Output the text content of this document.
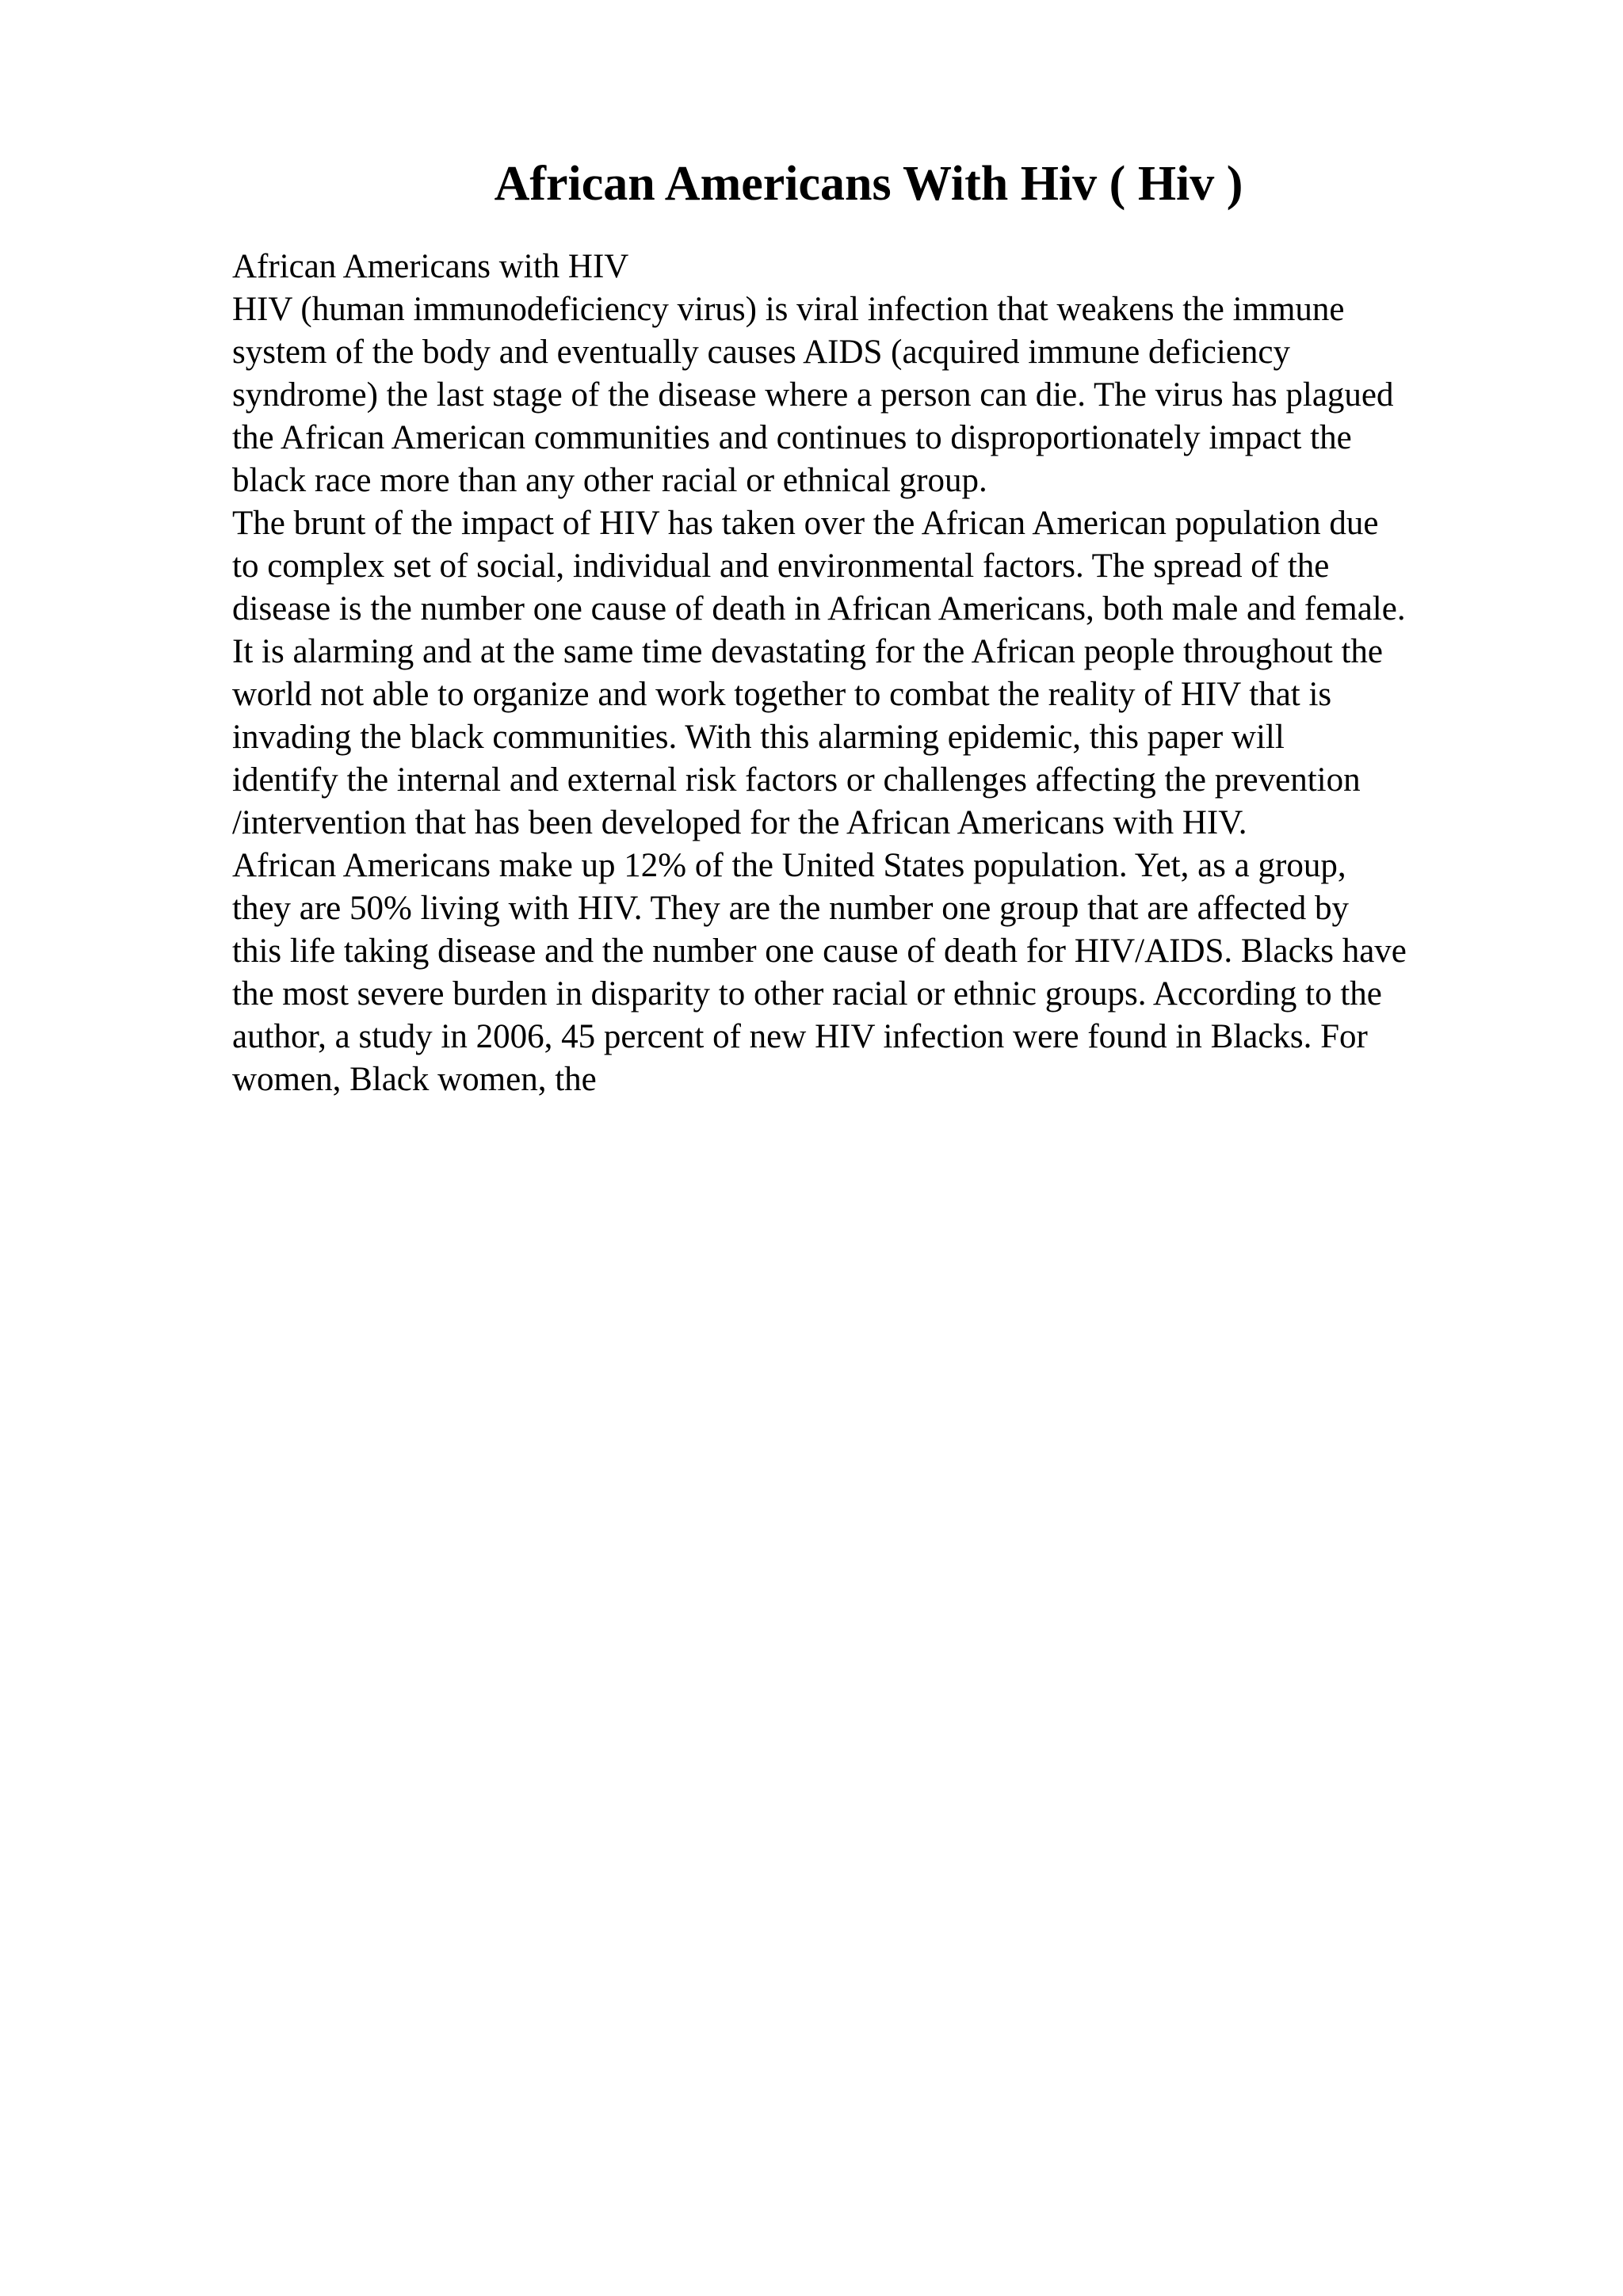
African Americans With Hiv ( Hiv )
African Americans with HIV
HIV (human immunodeficiency virus) is viral infection that weakens the immune
system of the body and eventually causes AIDS (acquired immune deficiency
syndrome) the last stage of the disease where a person can die. The virus has plagued
the African American communities and continues to disproportionately impact the
black race more than any other racial or ethnical group.
The brunt of the impact of HIV has taken over the African American population due
to complex set of social, individual and environmental factors. The spread of the
disease is the number one cause of death in African Americans, both male and female.
It is alarming and at the same time devastating for the African people throughout the
world not able to organize and work together to combat the reality of HIV that is
invading the black communities. With this alarming epidemic, this paper will
identify the internal and external risk factors or challenges affecting the prevention
/intervention that has been developed for the African Americans with HIV.
African Americans make up 12% of the United States population. Yet, as a group,
they are 50% living with HIV. They are the number one group that are affected by
this life taking disease and the number one cause of death for HIV/AIDS. Blacks have
the most severe burden in disparity to other racial or ethnic groups. According to the
author, a study in 2006, 45 percent of new HIV infection were found in Blacks. For
women, Black women, the
